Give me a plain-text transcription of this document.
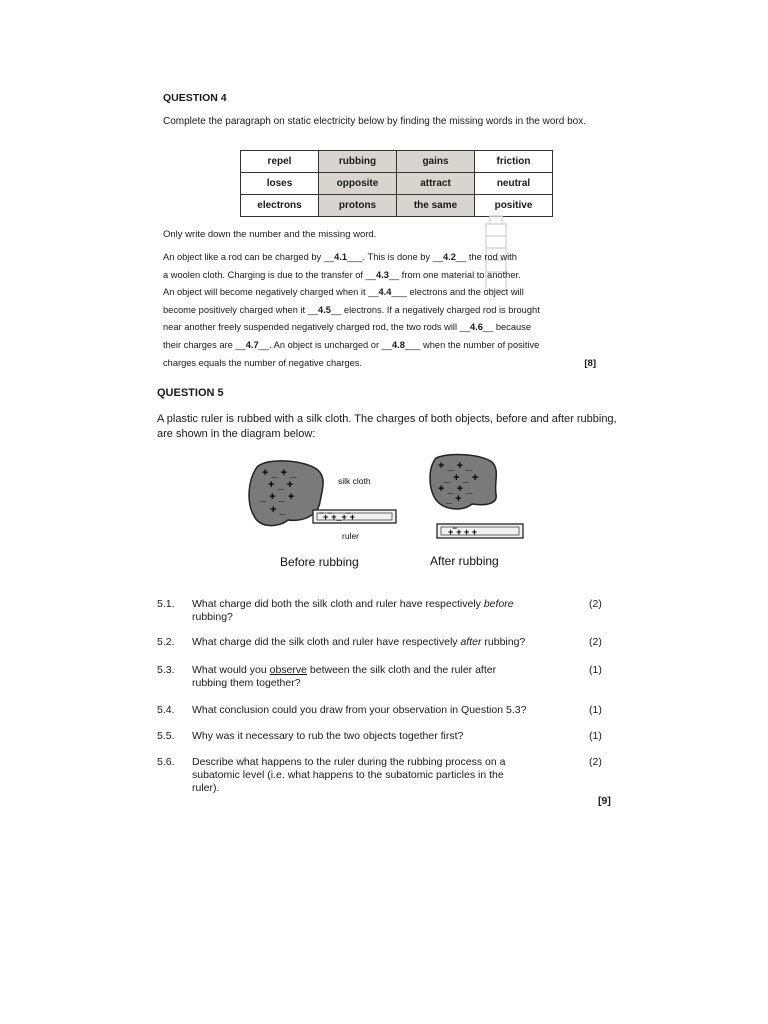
QUESTION 4
Complete the paragraph on static electricity below by finding the missing words in the word box.
repel	rubbing	gains	friction
loses	opposite	attract	neutral
electrons	protons	the same	positive
Only write down the number and the missing word.
An object like a rod can be charged by __4.1___. This is done by __4.2__ the rod with
a woolen cloth. Charging is due to the transfer of __4.3__ from one material to another.
An object will become negatively charged when it __4.4___ electrons and the object will
become positively charged when it __4.5__ electrons. If a negatively charged rod is brought
near another freely suspended negatively charged rod, the two rods will __4.6__ because
their charges are __4.7__. An object is uncharged or __4.8___ when the number of positive
charges equals the number of negative charges.	[8]
QUESTION 5
A plastic ruler is rubbed with a silk cloth. The charges of both objects, before and after rubbing, are shown in the diagram below:
+ _ + _ + _ + _ + _ + + _
silk cloth
‾+‾+_+‾+
ruler
+ _ + _ _ + _ + + _ + _ _ +
+‾+ + +
Before rubbing	After rubbing
5.1. What charge did both the silk cloth and ruler have respectively before
rubbing?
(2)
5.2. What charge did the silk cloth and ruler have respectively after rubbing?	(2)
5.3. What would you observe between the silk cloth and the ruler after
rubbing them together?
(1)
5.4. What conclusion could you draw from your observation in Question 5.3?	(1)
5.5. Why was it necessary to rub the two objects together first?	(1)
5.6. Describe what happens to the ruler during the rubbing process on a
subatomic level (i.e. what happens to the subatomic particles in the
ruler).
(2)
[9]
